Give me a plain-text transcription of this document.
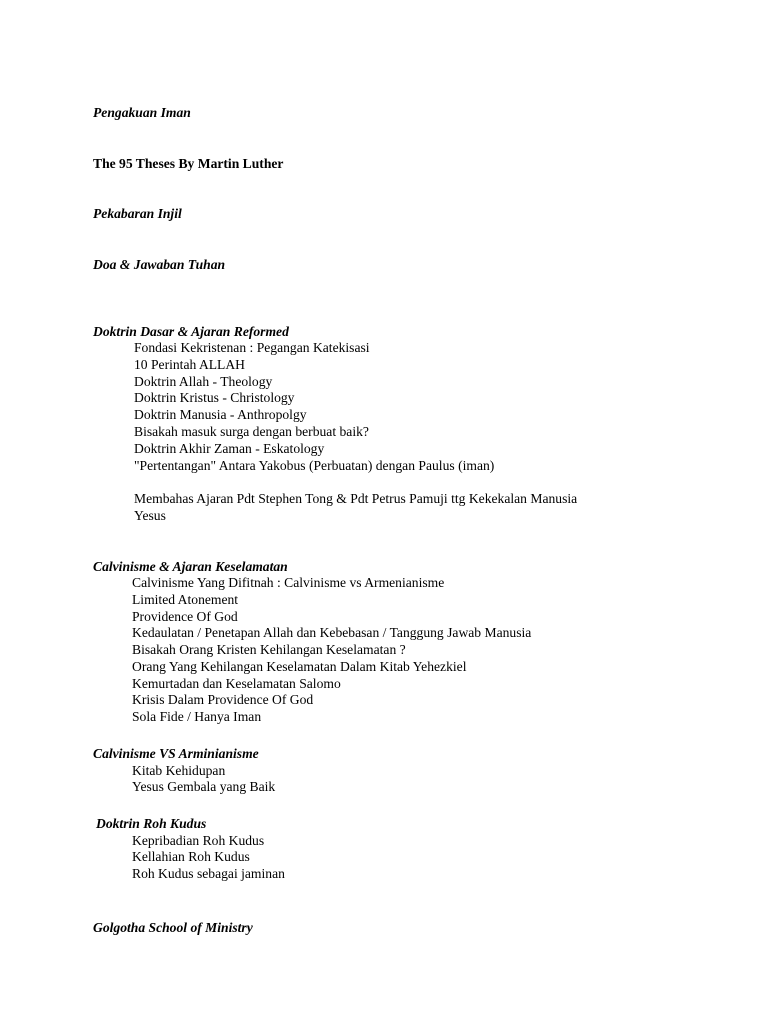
Pengakuan Iman
The 95 Theses By Martin Luther
Pekabaran Injil
Doa & Jawaban Tuhan
Doktrin Dasar & Ajaran Reformed
Fondasi Kekristenan : Pegangan Katekisasi
10 Perintah ALLAH
Doktrin Allah - Theology
Doktrin Kristus - Christology
Doktrin Manusia - Anthropolgy
Bisakah masuk surga dengan berbuat baik?
Doktrin Akhir Zaman - Eskatology
"Pertentangan" Antara Yakobus (Perbuatan) dengan Paulus (iman)
Membahas Ajaran Pdt Stephen Tong & Pdt Petrus Pamuji ttg Kekekalan Manusia
Yesus
Calvinisme & Ajaran Keselamatan
Calvinisme Yang Difitnah : Calvinisme vs Armenianisme
Limited Atonement
Providence Of God
Kedaulatan / Penetapan Allah dan Kebebasan / Tanggung Jawab Manusia
Bisakah Orang Kristen Kehilangan Keselamatan ?
Orang Yang Kehilangan Keselamatan Dalam Kitab Yehezkiel
Kemurtadan dan Keselamatan Salomo
Krisis Dalam Providence Of God
Sola Fide / Hanya Iman
Calvinisme VS Arminianisme
Kitab Kehidupan
Yesus Gembala yang Baik
Doktrin Roh Kudus
Kepribadian Roh Kudus
Kellahian Roh Kudus
Roh Kudus sebagai jaminan
Golgotha School of Ministry
